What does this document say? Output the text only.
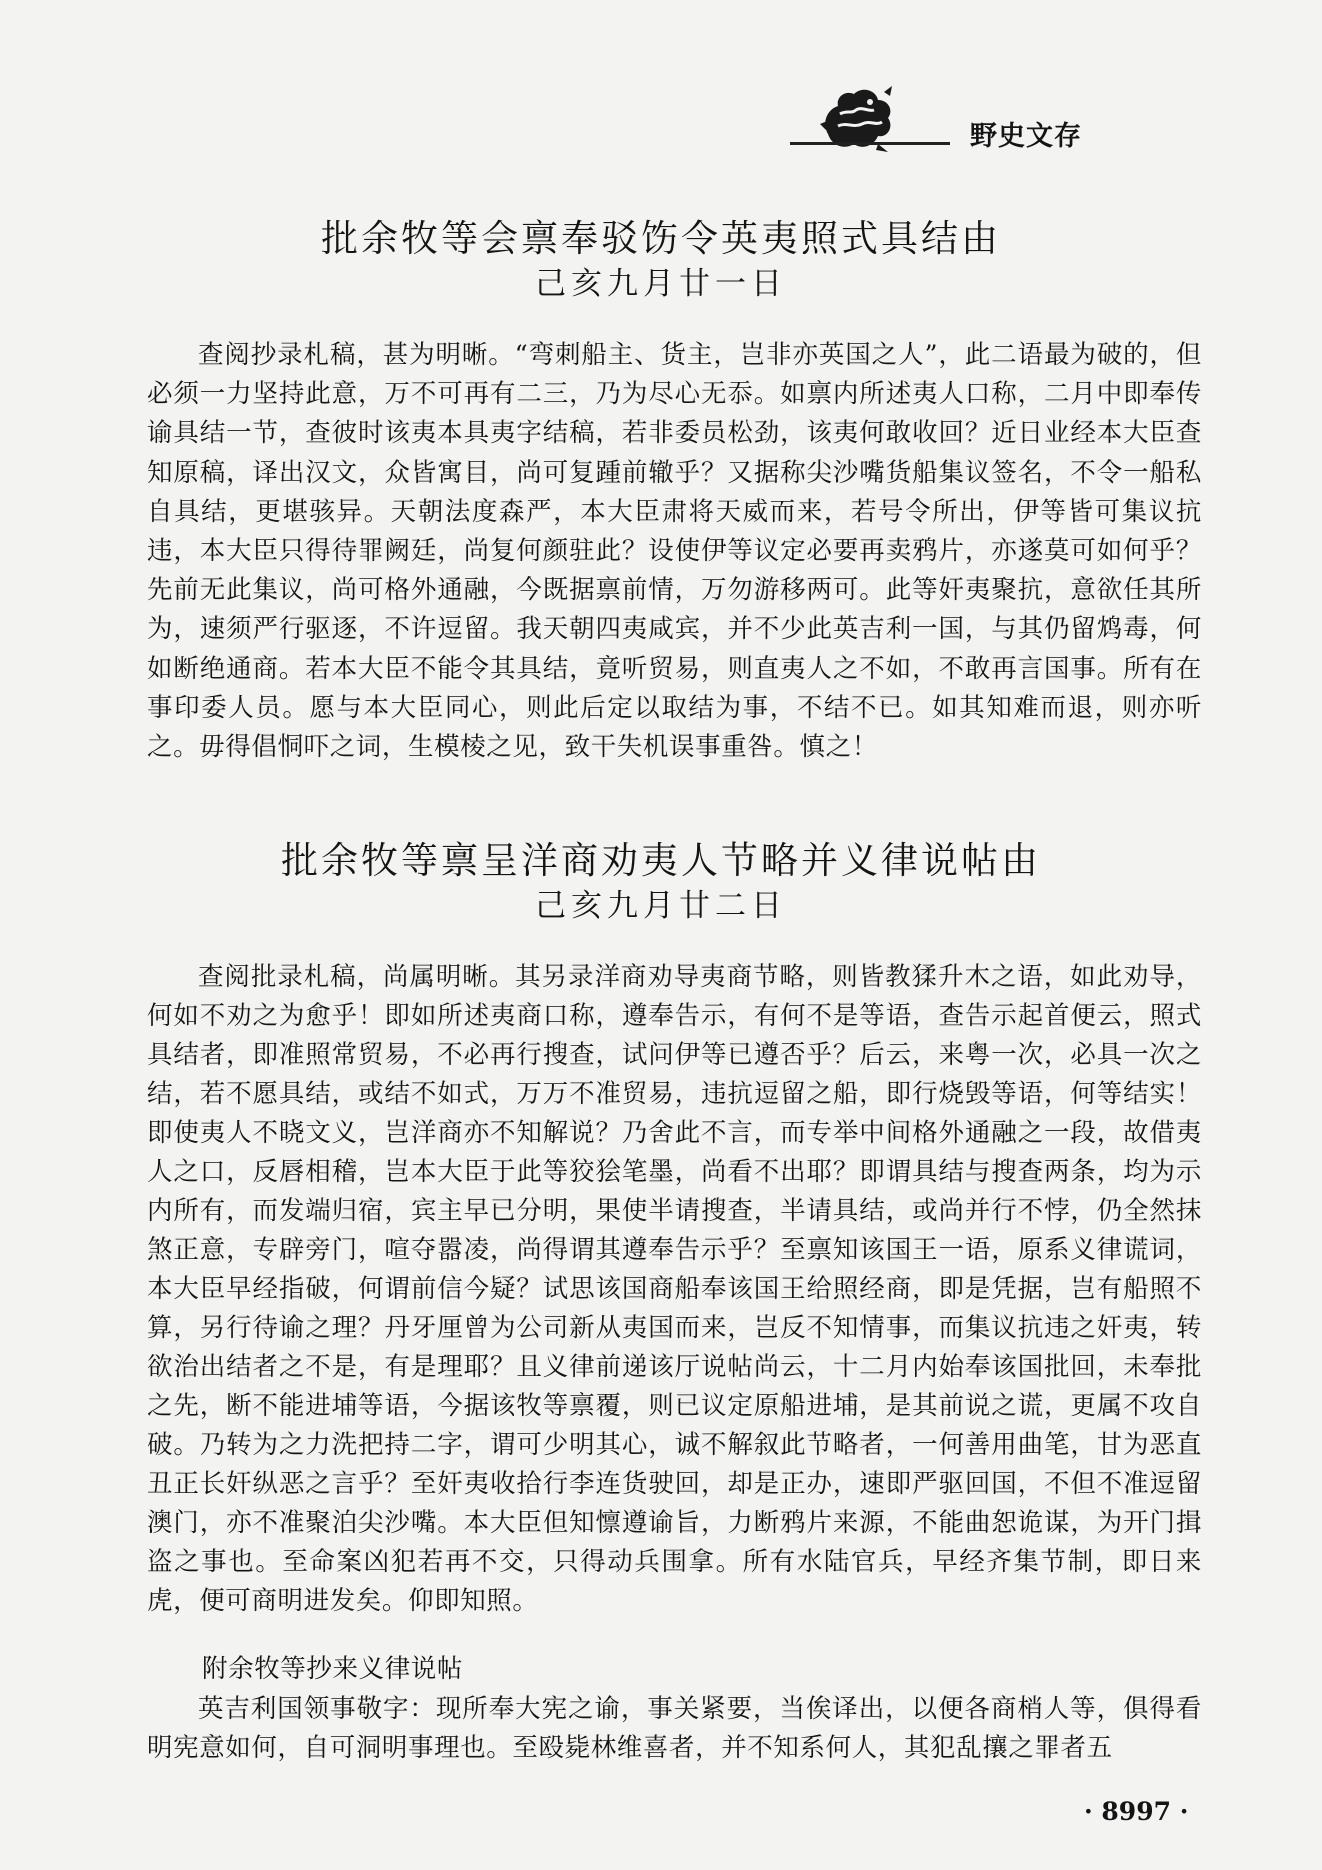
野史文存
批余牧等会禀奉驳饬令英夷照式具结由
己亥九月廿一日

查阅抄录札稿，甚为明晰。“弯刺船主、货主，岂非亦英国之人”，此二语最为破的，但必须一力坚持此意，万不可再有二三，乃为尽心无忝。如禀内所述夷人口称，二月中即奉传谕具结一节，查彼时该夷本具夷字结稿，若非委员松劲，该夷何敢收回？近日业经本大臣查知原稿，译出汉文，众皆寓目，尚可复踵前辙乎？又据称尖沙嘴货船集议签名，不令一船私自具结，更堪骇异。天朝法度森严，本大臣肃将天威而来，若号令所出，伊等皆可集议抗违，本大臣只得待罪阙廷，尚复何颜驻此？设使伊等议定必要再卖鸦片，亦遂莫可如何乎？先前无此集议，尚可格外通融，今既据禀前情，万勿游移两可。此等奸夷聚抗，意欲任其所为，速须严行驱逐，不许逗留。我天朝四夷咸宾，并不少此英吉利一国，与其仍留鸩毒，何如断绝通商。若本大臣不能令其具结，竟听贸易，则直夷人之不如，不敢再言国事。所有在事印委人员。愿与本大臣同心，则此后定以取结为事，不结不已。如其知难而退，则亦听之。毋得倡恫吓之词，生模棱之见，致干失机误事重咎。慎之！

批余牧等禀呈洋商劝夷人节略并义律说帖由
己亥九月廿二日

查阅批录札稿，尚属明晰。其另录洋商劝导夷商节略，则皆教猱升木之语，如此劝导，何如不劝之为愈乎！即如所述夷商口称，遵奉告示，有何不是等语，查告示起首便云，照式具结者，即准照常贸易，不必再行搜查，试问伊等已遵否乎？后云，来粤一次，必具一次之结，若不愿具结，或结不如式，万万不准贸易，违抗逗留之船，即行烧毁等语，何等结实！即使夷人不晓文义，岂洋商亦不知解说？乃舍此不言，而专举中间格外通融之一段，故借夷人之口，反唇相稽，岂本大臣于此等狡狯笔墨，尚看不出耶？即谓具结与搜查两条，均为示内所有，而发端归宿，宾主早已分明，果使半请搜查，半请具结，或尚并行不悖，仍全然抹煞正意，专辟旁门，喧夺嚣凌，尚得谓其遵奉告示乎？至禀知该国王一语，原系义律谎词，本大臣早经指破，何谓前信今疑？试思该国商船奉该国王给照经商，即是凭据，岂有船照不算，另行待谕之理？丹牙厘曾为公司新从夷国而来，岂反不知情事，而集议抗违之奸夷，转欲治出结者之不是，有是理耶？且义律前递该厅说帖尚云，十二月内始奉该国批回，未奉批之先，断不能进埔等语，今据该牧等禀覆，则已议定原船进埔，是其前说之谎，更属不攻自破。乃转为之力洗把持二字，谓可少明其心，诚不解叙此节略者，一何善用曲笔，甘为恶直丑正长奸纵恶之言乎？至奸夷收拾行李连货驶回，却是正办，速即严驱回国，不但不准逗留澳门，亦不准聚泊尖沙嘴。本大臣但知懔遵谕旨，力断鸦片来源，不能曲恕诡谋，为开门揖盗之事也。至命案凶犯若再不交，只得动兵围拿。所有水陆官兵，早经齐集节制，即日来虎，便可商明进发矣。仰即知照。

附余牧等抄来义律说帖

英吉利国领事敬字：现所奉大宪之谕，事关紧要，当俟译出，以便各商梢人等，俱得看明宪意如何，自可洞明事理也。至殴毙林维喜者，并不知系何人，其犯乱攘之罪者五

· 8997 ·
